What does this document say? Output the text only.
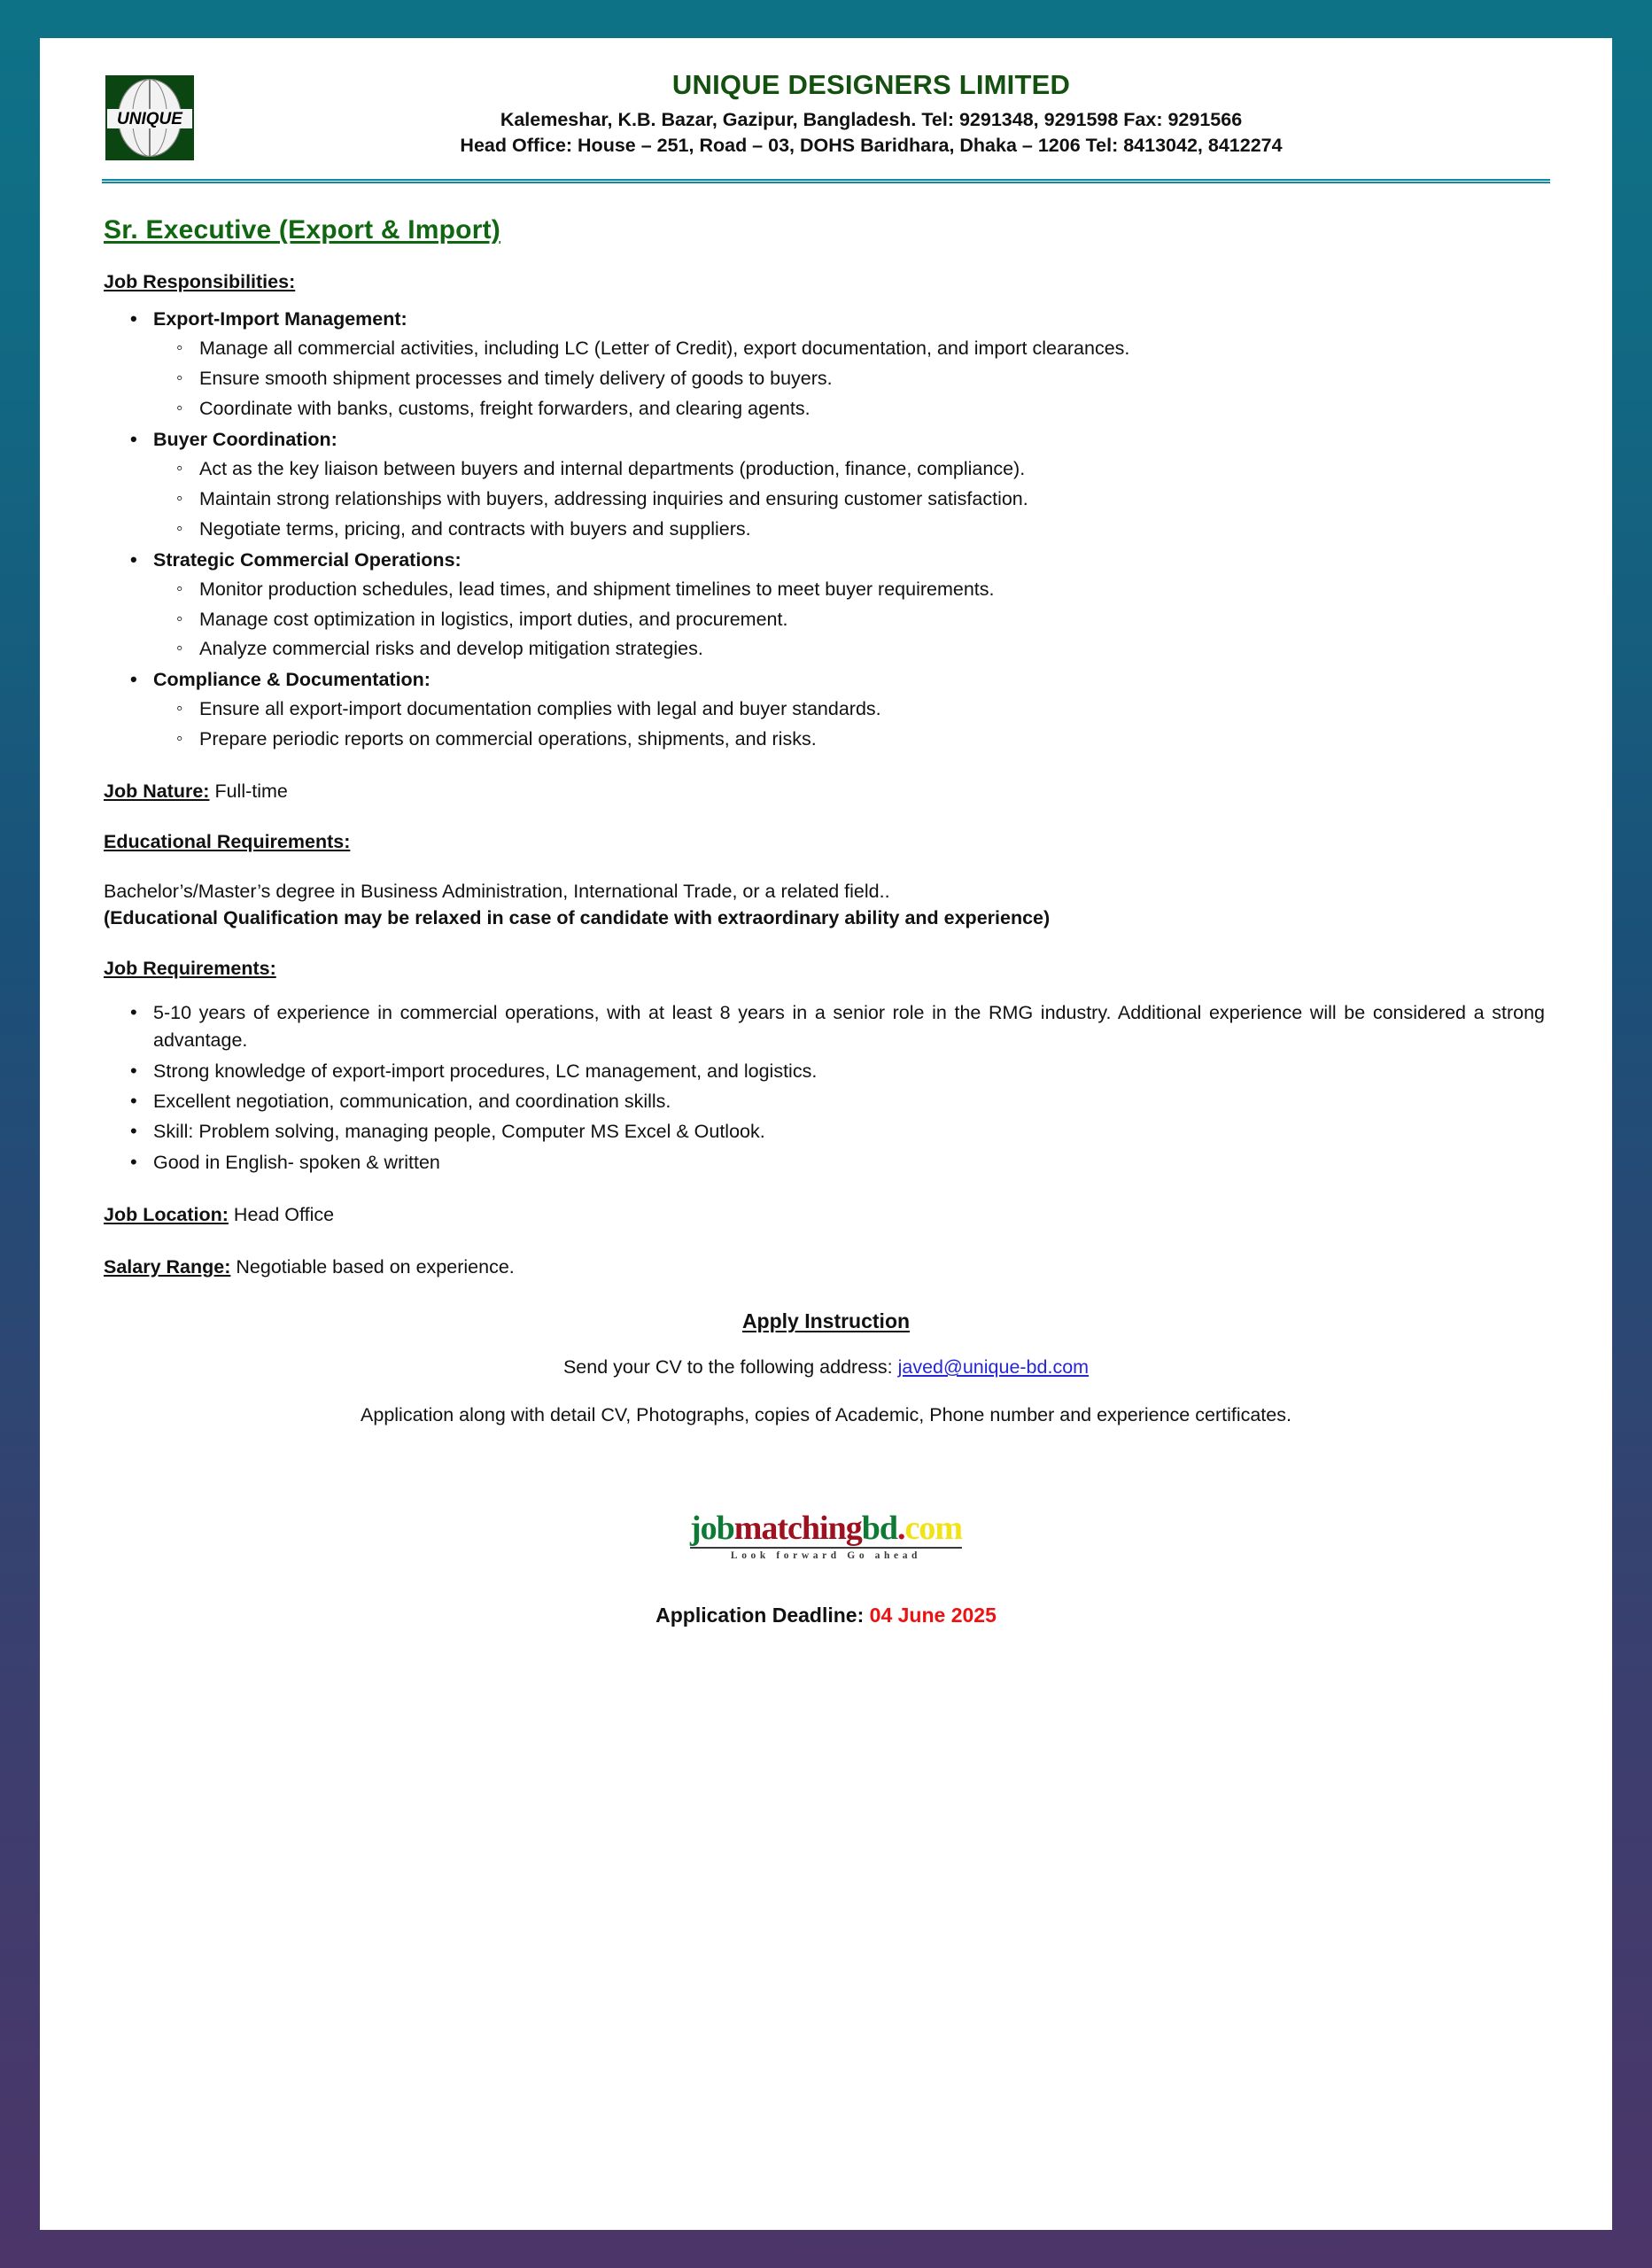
UNIQUE
UNIQUE DESIGNERS LIMITED
Kalemeshar, K.B. Bazar, Gazipur, Bangladesh. Tel: 9291348, 9291598 Fax: 9291566
Head Office: House – 251, Road – 03, DOHS Baridhara, Dhaka – 1206 Tel: 8413042, 8412274
Sr. Executive (Export & Import)
Job Responsibilities:
• Export-Import Management:
◦ Manage all commercial activities, including LC (Letter of Credit), export documentation, and import clearances.
◦ Ensure smooth shipment processes and timely delivery of goods to buyers.
◦ Coordinate with banks, customs, freight forwarders, and clearing agents.
• Buyer Coordination:
◦ Act as the key liaison between buyers and internal departments (production, finance, compliance).
◦ Maintain strong relationships with buyers, addressing inquiries and ensuring customer satisfaction.
◦ Negotiate terms, pricing, and contracts with buyers and suppliers.
• Strategic Commercial Operations:
◦ Monitor production schedules, lead times, and shipment timelines to meet buyer requirements.
◦ Manage cost optimization in logistics, import duties, and procurement.
◦ Analyze commercial risks and develop mitigation strategies.
• Compliance & Documentation:
◦ Ensure all export-import documentation complies with legal and buyer standards.
◦ Prepare periodic reports on commercial operations, shipments, and risks.
Job Nature: Full-time
Educational Requirements:
Bachelor’s/Master’s degree in Business Administration, International Trade, or a related field..
(Educational Qualification may be relaxed in case of candidate with extraordinary ability and experience)
Job Requirements:
• 5-10 years of experience in commercial operations, with at least 8 years in a senior role in the RMG industry. Additional experience will be considered a strong advantage.
• Strong knowledge of export-import procedures, LC management, and logistics.
• Excellent negotiation, communication, and coordination skills.
• Skill: Problem solving, managing people, Computer MS Excel & Outlook.
• Good in English- spoken & written
Job Location: Head Office
Salary Range: Negotiable based on experience.
Apply Instruction
Send your CV to the following address: javed@unique-bd.com
Application along with detail CV, Photographs, copies of Academic, Phone number and experience certificates.
jobmatchingbd.com
Look forward Go ahead
Application Deadline: 04 June 2025
